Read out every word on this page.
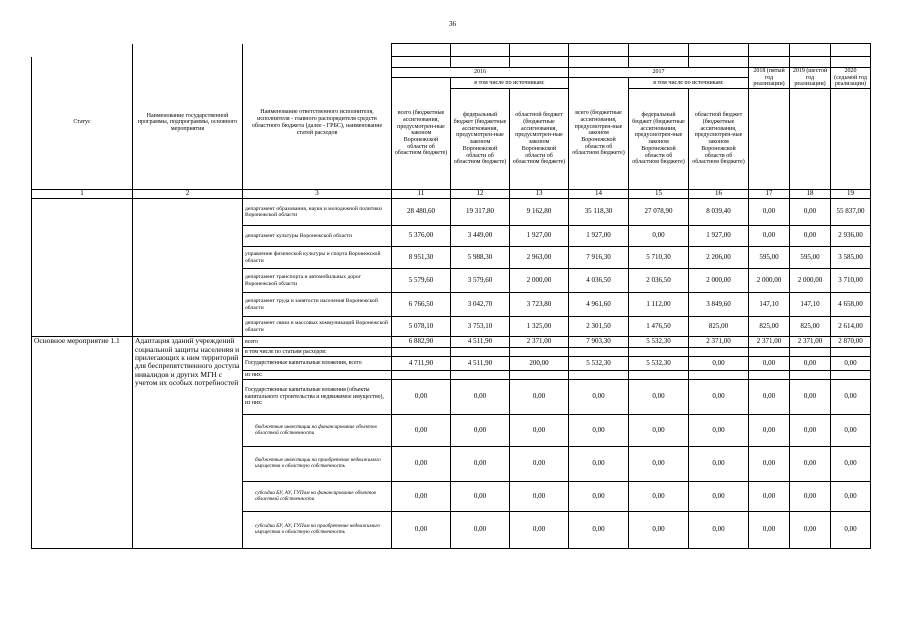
36

Статус	Наименование государственной программы, подпрограммы, основного мероприятия	Наименование ответственного исполнителя, исполнителя - главного распорядителя средств областного бюджета (далее - ГРБС), наименование статей расходов									
			2016			2017			2018 (пятый год реализации)	2019 (шестой год реализации)	2020 (седьмой год реализации)
			всего (бюджетные ассигнования, предусмотрен-ные законом Воронежской области об областном бюджете)	в том числе по источникам:		всего (бюджетные ассигнования, предусмотрен-ные законом Воронежской области об областном бюджете)	в том числе по источникам:				
				федеральный бюджет (бюджетные ассигнования, предусмотрен-ные законом Воронежской области об областном бюджете)	областной бюджет (бюджетные ассигнования, предусмотрен-ные законом Воронежской области об областном бюджете)		федеральный бюджет (бюджетные ассигнования, предусмотрен-ные законом Воронежской области об областном бюджете)	областной бюджет (бюджетные ассигнования, предусмотрен-ные законом Воронежской области об областном бюджете)			
1	2	3	11	12	13	14	15	16	17	18	19
		департамент образования, науки и молодежной политики Воронежской области	28 480,60	19 317,80	9 162,80	35 118,30	27 078,90	8 039,40	0,00	0,00	55 837,00
		департамент культуры Воронежской области	5 376,00	3 449,00	1 927,00	1 927,00	0,00	1 927,00	0,00	0,00	2 936,00
		управление физической культуры и спорта Воронежской области	8 951,30	5 988,30	2 963,00	7 916,30	5 710,30	2 206,00	595,00	595,00	3 585,00
		департамент транспорта и автомобильных дорог Воронежской области	5 579,60	3 579,60	2 000,00	4 036,50	2 036,50	2 000,00	2 000,00	2 000,00	3 710,00
		департамент труда и занятости населения Воронежской области	6 766,50	3 042,70	3 723,80	4 961,60	1 112,00	3 849,60	147,10	147,10	4 658,00
		департамент связи и массовых коммуникаций Воронежской области	5 078,10	3 753,10	1 325,00	2 301,50	1 476,50	825,00	825,00	825,00	2 614,00
Основное мероприятие 1.1	Адаптация зданий учреждений социальной защиты населения и прилегающих к ним территорий для беспрепятственного доступа инвалидов и других МГН с учетом их особых потребностей	всего	6 882,90	4 511,90	2 371,00	7 903,30	5 532,30	2 371,00	2 371,00	2 371,00	2 870,00
		в том числе по статьям расходов:									
		Государственные капитальные вложения, всего	4 711,90	4 511,90	200,00	5 532,30	5 532,30	0,00	0,00	0,00	0,00

		из них:									
		Государственные капитальные вложения (объекты капитального строительства и недвижимое имущество), из них:	0,00	0,00	0,00	0,00	0,00	0,00	0,00	0,00	0,00
		бюджетные инвестиции на финансирование объектов областной собственности	0,00	0,00	0,00	0,00	0,00	0,00	0,00	0,00	0,00
		бюджетные инвестиции на приобретение недвижимого имущества в областную собственность	0,00	0,00	0,00	0,00	0,00	0,00	0,00	0,00	0,00
		субсидии БУ, АУ, ГУПам на финансирование объектов областной собственности	0,00	0,00	0,00	0,00	0,00	0,00	0,00	0,00	0,00
		субсидии БУ, АУ, ГУПам на приобретение недвижимого имущества в областную собственность	0,00	0,00	0,00	0,00	0,00	0,00	0,00	0,00	0,00
